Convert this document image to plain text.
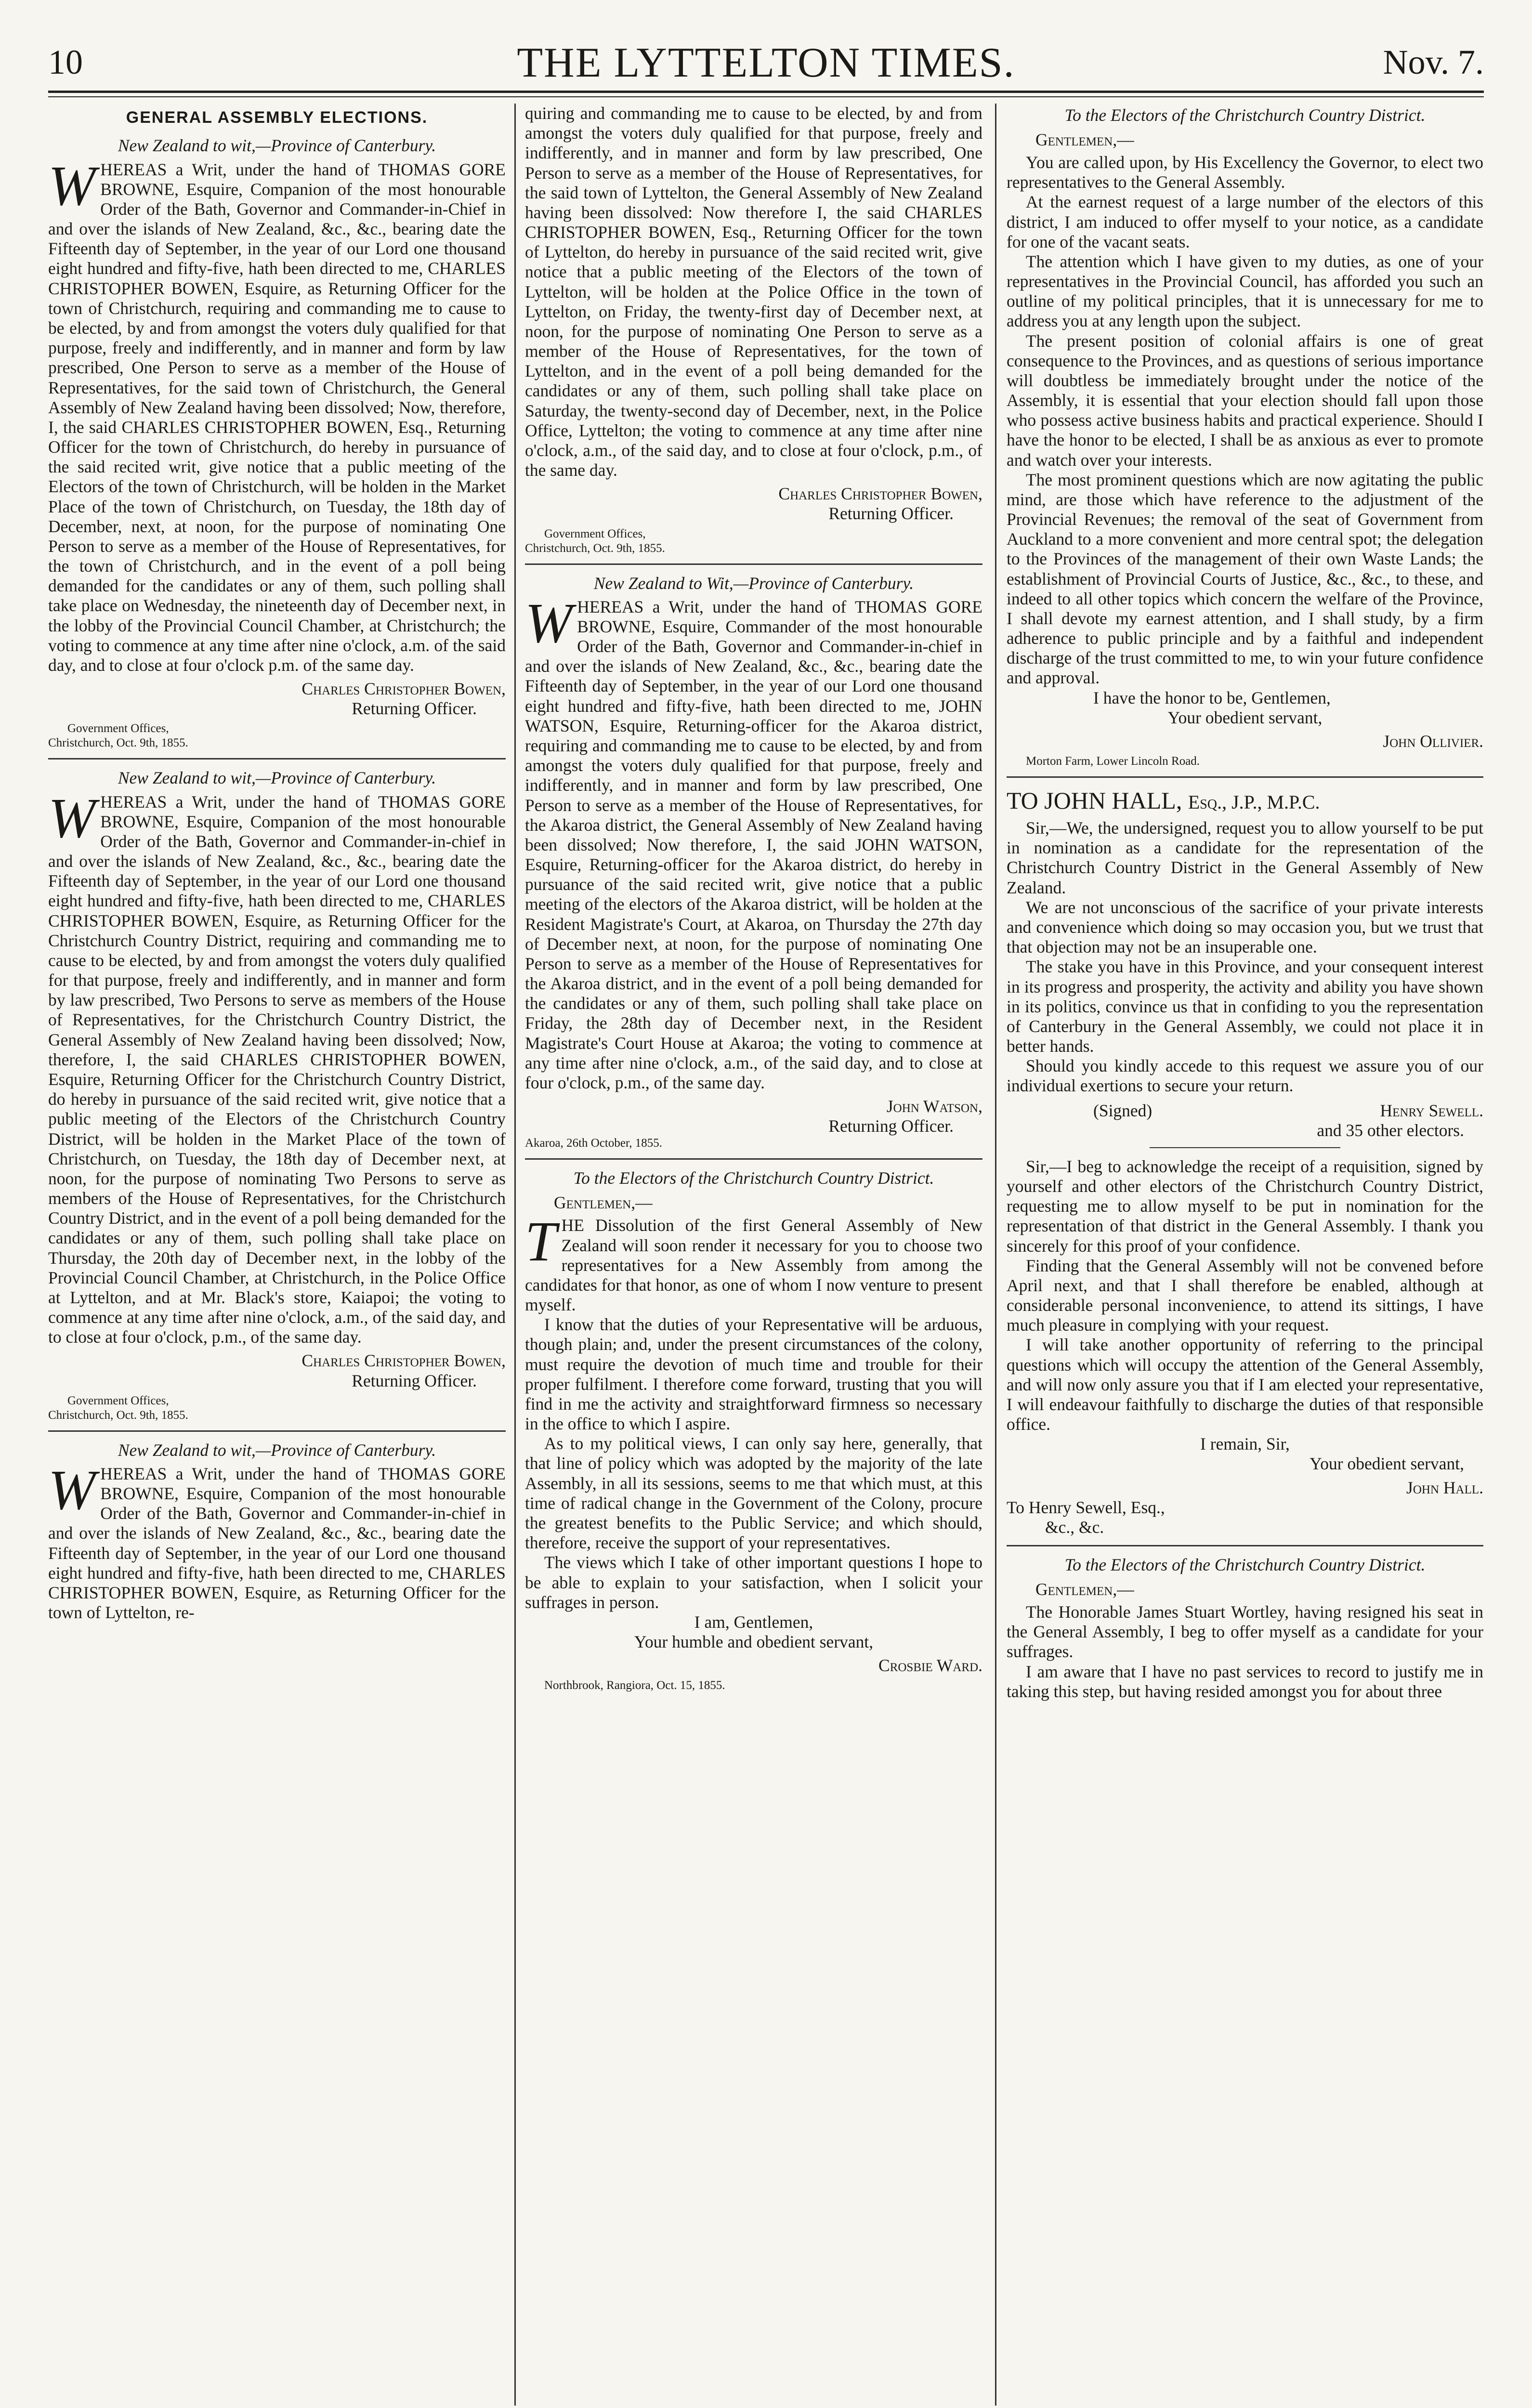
10	THE LYTTELTON TIMES.	Nov. 7.
GENERAL ASSEMBLY ELECTIONS.
New Zealand to wit,—Province of Canterbury.

WHEREAS a Writ, under the hand of THOMAS GORE BROWNE, Esquire, Companion of the most honourable Order of the Bath, Governor and Commander-in-Chief in and over the islands of New Zealand, &c., &c., bearing date the Fifteenth day of September, in the year of our Lord one thousand eight hundred and fifty-five, hath been directed to me, CHARLES CHRISTOPHER BOWEN, Esquire, as Returning Officer for the town of Christchurch, requiring and commanding me to cause to be elected, by and from amongst the voters duly qualified for that purpose, freely and indifferently, and in manner and form by law prescribed, One Person to serve as a member of the House of Representatives, for the said town of Christchurch, the General Assembly of New Zealand having been dissolved; Now, therefore, I, the said CHARLES CHRISTOPHER BOWEN, Esq., Returning Officer for the town of Christchurch, do hereby in pursuance of the said recited writ, give notice that a public meeting of the Electors of the town of Christchurch, will be holden in the Market Place of the town of Christchurch, on Tuesday, the 18th day of December, next, at noon, for the purpose of nominating One Person to serve as a member of the House of Representatives, for the town of Christchurch, and in the event of a poll being demanded for the candidates or any of them, such polling shall take place on Wednesday, the nineteenth day of December next, in the lobby of the Provincial Council Chamber, at Christchurch; the voting to commence at any time after nine o'clock, a.m. of the said day, and to close at four o'clock p.m. of the same day.

Charles Christopher Bowen,
Returning Officer.
Government Offices,
Christchurch, Oct. 9th, 1855.
New Zealand to wit,—Province of Canterbury.

WHEREAS a Writ, under the hand of THOMAS GORE BROWNE, Esquire, Companion of the most honourable Order of the Bath, Governor and Commander-in-chief in and over the islands of New Zealand, &c., &c., bearing date the Fifteenth day of September, in the year of our Lord one thousand eight hundred and fifty-five, hath been directed to me, CHARLES CHRISTOPHER BOWEN, Esquire, as Returning Officer for the Christchurch Country District, requiring and commanding me to cause to be elected, by and from amongst the voters duly qualified for that purpose, freely and indifferently, and in manner and form by law prescribed, Two Persons to serve as members of the House of Representatives, for the Christchurch Country District, the General Assembly of New Zealand having been dissolved; Now, therefore, I, the said CHARLES CHRISTOPHER BOWEN, Esquire, Returning Officer for the Christchurch Country District, do hereby in pursuance of the said recited writ, give notice that a public meeting of the Electors of the Christchurch Country District, will be holden in the Market Place of the town of Christchurch, on Tuesday, the 18th day of December next, at noon, for the purpose of nominating Two Persons to serve as members of the House of Representatives, for the Christchurch Country District, and in the event of a poll being demanded for the candidates or any of them, such polling shall take place on Thursday, the 20th day of December next, in the lobby of the Provincial Council Chamber, at Christchurch, in the Police Office at Lyttelton, and at Mr. Black's store, Kaiapoi; the voting to commence at any time after nine o'clock, a.m., of the said day, and to close at four o'clock, p.m., of the same day.

Charles Christopher Bowen,
Returning Officer.
Government Offices,
Christchurch, Oct. 9th, 1855.
New Zealand to wit,—Province of Canterbury.

WHEREAS a Writ, under the hand of THOMAS GORE BROWNE, Esquire, Companion of the most honourable Order of the Bath, Governor and Commander-in-chief in and over the islands of New Zealand, &c., &c., bearing date the Fifteenth day of September, in the year of our Lord one thousand eight hundred and fifty-five, hath been directed to me, CHARLES CHRISTOPHER BOWEN, Esquire, as Returning Officer for the town of Lyttelton, re-

quiring and commanding me to cause to be elected, by and from amongst the voters duly qualified for that purpose, freely and indifferently, and in manner and form by law prescribed, One Person to serve as a member of the House of Representatives, for the said town of Lyttelton, the General Assembly of New Zealand having been dissolved: Now therefore I, the said CHARLES CHRISTOPHER BOWEN, Esq., Returning Officer for the town of Lyttelton, do hereby in pursuance of the said recited writ, give notice that a public meeting of the Electors of the town of Lyttelton, will be holden at the Police Office in the town of Lyttelton, on Friday, the twenty-first day of December next, at noon, for the purpose of nominating One Person to serve as a member of the House of Representatives, for the town of Lyttelton, and in the event of a poll being demanded for the candidates or any of them, such polling shall take place on Saturday, the twenty-second day of December, next, in the Police Office, Lyttelton; the voting to commence at any time after nine o'clock, a.m., of the said day, and to close at four o'clock, p.m., of the same day.

Charles Christopher Bowen,
Returning Officer.
Government Offices,
Christchurch, Oct. 9th, 1855.
New Zealand to Wit,—Province of Canterbury.

WHEREAS a Writ, under the hand of THOMAS GORE BROWNE, Esquire, Commander of the most honourable Order of the Bath, Governor and Commander-in-chief in and over the islands of New Zealand, &c., &c., bearing date the Fifteenth day of September, in the year of our Lord one thousand eight hundred and fifty-five, hath been directed to me, JOHN WATSON, Esquire, Returning-officer for the Akaroa district, requiring and commanding me to cause to be elected, by and from amongst the voters duly qualified for that purpose, freely and indifferently, and in manner and form by law prescribed, One Person to serve as a member of the House of Representatives, for the Akaroa district, the General Assembly of New Zealand having been dissolved; Now therefore, I, the said JOHN WATSON, Esquire, Returning-officer for the Akaroa district, do hereby in pursuance of the said recited writ, give notice that a public meeting of the electors of the Akaroa district, will be holden at the Resident Magistrate's Court, at Akaroa, on Thursday the 27th day of December next, at noon, for the purpose of nominating One Person to serve as a member of the House of Representatives for the Akaroa district, and in the event of a poll being demanded for the candidates or any of them, such polling shall take place on Friday, the 28th day of December next, in the Resident Magistrate's Court House at Akaroa; the voting to commence at any time after nine o'clock, a.m., of the said day, and to close at four o'clock, p.m., of the same day.

John Watson,
Returning Officer.
Akaroa, 26th October, 1855.
To the Electors of the Christchurch Country District.
Gentlemen,—

THE Dissolution of the first General Assembly of New Zealand will soon render it necessary for you to choose two representatives for a New Assembly from among the candidates for that honor, as one of whom I now venture to present myself.

I know that the duties of your Representative will be arduous, though plain; and, under the present circumstances of the colony, must require the devotion of much time and trouble for their proper fulfilment. I therefore come forward, trusting that you will find in me the activity and straightforward firmness so necessary in the office to which I aspire.

As to my political views, I can only say here, generally, that that line of policy which was adopted by the majority of the late Assembly, in all its sessions, seems to me that which must, at this time of radical change in the Government of the Colony, procure the greatest benefits to the Public Service; and which should, therefore, receive the support of your representatives.

The views which I take of other important questions I hope to be able to explain to your satisfaction, when I solicit your suffrages in person.

I am, Gentlemen,
Your humble and obedient servant,
Crosbie Ward.
Northbrook, Rangiora, Oct. 15, 1855.
To the Electors of the Christchurch Country District.
Gentlemen,—

You are called upon, by His Excellency the Governor, to elect two representatives to the General Assembly.

At the earnest request of a large number of the electors of this district, I am induced to offer myself to your notice, as a candidate for one of the vacant seats.

The attention which I have given to my duties, as one of your representatives in the Provincial Council, has afforded you such an outline of my political principles, that it is unnecessary for me to address you at any length upon the subject.

The present position of colonial affairs is one of great consequence to the Provinces, and as questions of serious importance will doubtless be immediately brought under the notice of the Assembly, it is essential that your election should fall upon those who possess active business habits and practical experience. Should I have the honor to be elected, I shall be as anxious as ever to promote and watch over your interests.

The most prominent questions which are now agitating the public mind, are those which have reference to the adjustment of the Provincial Revenues; the removal of the seat of Government from Auckland to a more convenient and more central spot; the delegation to the Provinces of the management of their own Waste Lands; the establishment of Provincial Courts of Justice, &c., &c., to these, and indeed to all other topics which concern the welfare of the Province, I shall devote my earnest attention, and I shall study, by a firm adherence to public principle and by a faithful and independent discharge of the trust committed to me, to win your future confidence and approval.

I have the honor to be, Gentlemen,
Your obedient servant,
John Ollivier.
Morton Farm, Lower Lincoln Road.
TO JOHN HALL, Esq., J.P., M.P.C.

Sir,—We, the undersigned, request you to allow yourself to be put in nomination as a candidate for the representation of the Christchurch Country District in the General Assembly of New Zealand.

We are not unconscious of the sacrifice of your private interests and convenience which doing so may occasion you, but we trust that that objection may not be an insuperable one.

The stake you have in this Province, and your consequent interest in its progress and prosperity, the activity and ability you have shown in its politics, convince us that in confiding to you the representation of Canterbury in the General Assembly, we could not place it in better hands.

Should you kindly accede to this request we assure you of our individual exertions to secure your return.

(Signed)	Henry Sewell.
and 35 other electors.

Sir,—I beg to acknowledge the receipt of a requisition, signed by yourself and other electors of the Christchurch Country District, requesting me to allow myself to be put in nomination for the representation of that district in the General Assembly. I thank you sincerely for this proof of your confidence.

Finding that the General Assembly will not be convened before April next, and that I shall therefore be enabled, although at considerable personal inconvenience, to attend its sittings, I have much pleasure in complying with your request.

I will take another opportunity of referring to the principal questions which will occupy the attention of the General Assembly, and will now only assure you that if I am elected your representative, I will endeavour faithfully to discharge the duties of that responsible office.

I remain, Sir,
Your obedient servant,
John Hall.
To Henry Sewell, Esq.,
&c., &c.
To the Electors of the Christchurch Country District.
Gentlemen,—

The Honorable James Stuart Wortley, having resigned his seat in the General Assembly, I beg to offer myself as a candidate for your suffrages.

I am aware that I have no past services to record to justify me in taking this step, but having resided amongst you for about three
